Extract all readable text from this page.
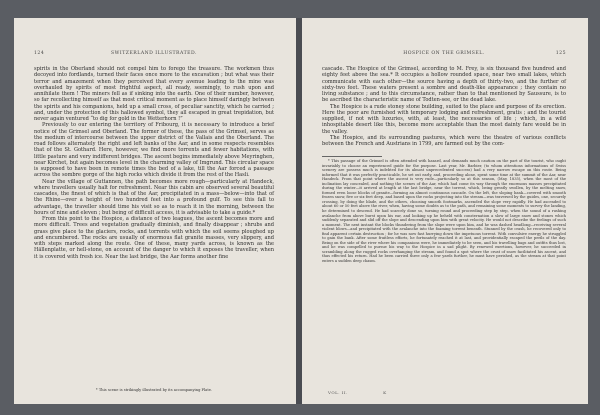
124	SWITZERLAND ILLUSTRATED.

spirits in the Oberland should not compel him to forego the treasure. The workmen thus decoyed into fordlands, turned their faces once more to the excavation ; but what was their terror and amazement when they perceived that every avenue leading to the mine was overhauled by spirits of most frightful aspect, all ready, seemingly, to rush upon and annihilate them ! The miners fell as if sinking into the earth. One of their number, however, so far recollecting himself as that most critical moment as to place himself daringly between the spirits and his companions, held up a small cross, of peculiar sanctity, which he carried ; and, under the protection of this hallowed symbol, they all escaped in great trepidation, but never again ventured “to dig for gold in the Wetterhorn !”

Previously to our entering the territory of Fribourg, it is necessary to introduce a brief notice of the Grimsel and Oberland. The former of these, the pass of the Grimsel, serves as the medium of intercourse between the upper district of the Vallais and the Oberland. The road follows alternately the right and left banks of the Aar, and in some respects resembles that of the St. Gothard. Here, however, we find more torrents and fewer habitations, with little pasture and very indifferent bridges. The ascent begins immediately above Meyringhen, near Kirchet, but again becomes level in the charming valley of Imgrund. This circular space is supposed to have been in remote times the bed of a lake, till the Aar forced a passage across the sombre gorge of the high rocks which divide it from the rest of the Hasli.

Near the village of Guttannen, the path becomes more rough—particularly at Handeck, where travellers usually halt for refreshment. Near this cabin are observed several beautiful cascades, the finest of which is that of the Aar, precipitated in a mass—below—into that of the Rhine—over a height of two hundred feet into a profound gulf. To see this fall to advantage, the traveller should time his visit so as to reach it in the morning, between the hours of nine and eleven ; but being of difficult access, it is advisable to take a guide.*

From this point to the Hospice, a distance of two leagues, the ascent becomes more and more difficult. Trees and vegetation gradually diminish, and finally disappear ; shrubs and grass give place to the glaciers, rocks, and torrents with which the soil seems ploughed up and encumbered. The rocks are usually of enormous flat granite masses, very slippery, and with steps marked along the route. One of these, many yards across, is known as the Hällenplatte, or hell-stone, on account of the danger to which it exposes the traveller, when it is covered with fresh ice. Near the last bridge, the Aar forms another fine

* This scene is strikingly illustrated by its accompanying Plate.

HOSPICE ON THE GRIMSEL.	125

cascade. The Hospice of the Grimsel, according to M. Frey, is six thousand five hundred and eighty feet above the sea.* It occupies a hollow rounded space, near two small lakes, which communicate with each other—the source having a depth of thirty-two, and the further of sixty-two feet. These waters present a sombre and death-like appearance ; they contain no living substance ; and to this circumstance, rather than to that mentioned by Saussure, is to be ascribed the characteristic name of Todten-see, or the dead lake.

The Hospice is a rude stoney stone building, suited to the place and purpose of its erection. Here the poor are furnished with temporary lodging and refreshment, gratis ; and the tourist supplied, if not with luxuries, with, at least, the necessaries of life ; which, in a wild inhospitable desert like this, become more acceptable than the most dainty fare would be in the valley.

The Hospice, and its surrounding pastures, which were the theatre of various conflicts between the French and Austrians in 1799, are farmed out by the com-

* This passage of the Grimsel is often attended with hazard, and demands much caution on the part of the tourist, who ought invariably to choose an experienced guide for the purpose. Last year, Mr. Barbier, (to whom attentions informations of Swiss scenery are possess much is indebted for its almost unprecedented success) had a very narrow escape on this route. Being informed that it was perfectly practicable, he set out early, and, proceeding alone, spent some time at the summit of the Aar, near Handeck. From that point where the ascent is very rude—particularly so at this season, (May, 1835), when the most of the inclination lay concealed, and nothing the scenes of the Aar, which had come its way through the enormous masses precipitated during the winter—it arrived at length at the last bridge, near the torrent, which, being greatly swollen, by the melting snow, formed even loose blocks of granite—forming an almost continuous cascade. On the left, the sloping bank—covered with smooth frozen snow, five or six feet deep, and based upon the rocks projecting into the stream—was traversed by the guides, one, securely crossing, by doing the blade, and the others, choosing smooth footmarks, ascended the slope very rapidly. He had ascended to about 60 or 50 feet above the river, when, having some doubts as to the path, and remaining some moments to survey the landing, he determined to descend. He had scarcely done so, turning round and proceeding step by step, when the sound of a rushing avalanche from above burst upon his ear, and looking up he beheld with consternation a slow of large snow and stones which suddenly separated and slid off the slope and descending upon him with great velocity. He would not describe the feelings of such a moment. The next instant the blocks thundering from the slope were upon him, and he was dashed headlong—receiving several violent blows—and precipitated with the avalanche into the foaming torrent beneath. Stunned by the crash, he recovered only to find apparent certain destruction ; for he was now fast hurrying down the impetuous torrent. With convulsive energy he struggled to gain the bank. After some fruitless efforts, he fortunately reached it at last, and providentially escaped the perils of the day. Being on the side of the river where his companions were, he immediately to be seen, and his travelling bags and outfits thus lost, and he was compelled to pursue his way to the Hospice in a sad plight. By renewed exertions, however, he succeeded in scrambling along the rugged rocks overhanging the stream, and found a spot where the crust of snow facilitated his ascent, and thus effected his return. Had he been carried three only a few yards further, he must have perished, as the stream at that point enters a sudden deep chasm.

VOL. II.                    K
